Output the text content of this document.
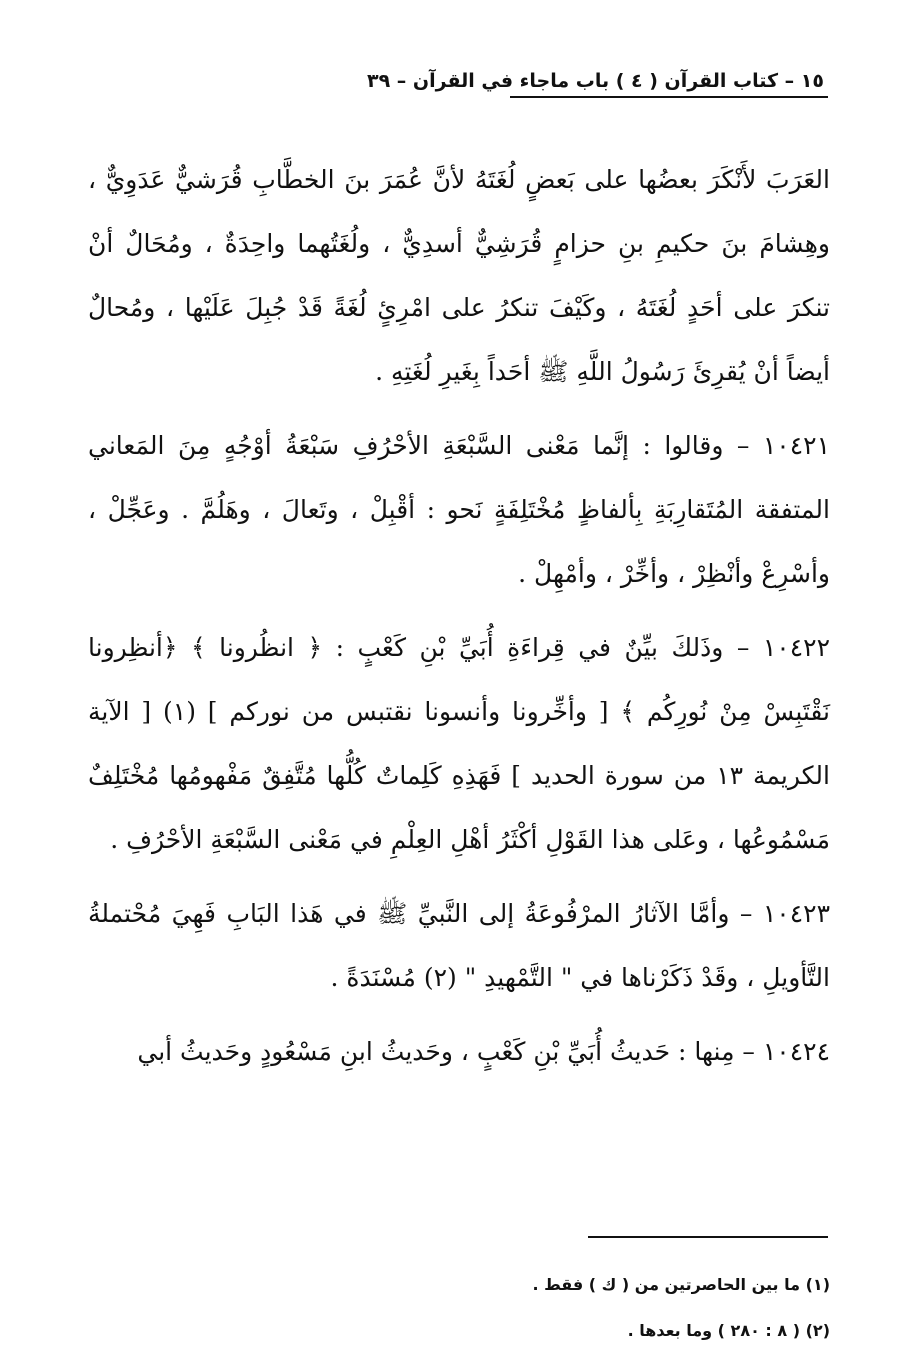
١٥ – كتاب القرآن ( ٤ ) باب ماجاء في القرآن – ٣٩

العَرَبَ لأَنْكَرَ بعضُها على بَعضٍ لُغَتَهُ لأنَّ عُمَرَ بنَ الخطَّابِ قُرَشيٌّ عَدَوِيٌّ ، وهِشامَ بنَ حكيمِ بنِ حزامٍ قُرَشِيٌّ أسدِيٌّ ، ولُغَتُهما واحِدَةٌ ، ومُحَالٌ أنْ تنكرَ على أحَدٍ لُغَتَهُ ، وكَيْفَ تنكرُ على امْرِئٍ لُغَةً قَدْ جُبِلَ عَلَيْها ، ومُحالٌ أيضاً أنْ يُقرِئَ رَسُولُ اللَّهِ ﷺ أحَداً بِغَيرِ لُغَتِهِ .

١٠٤٢١ – وقالوا : إنَّما مَعْنى السَّبْعَةِ الأحْرُفِ سَبْعَةُ أوْجُهٍ مِنَ المَعاني المتفقة المُتَقارِبَةِ بِألفاظٍ مُخْتَلِفَةٍ نَحو : أقْبِلْ ، وتَعالَ ، وهَلُمَّ . وعَجِّلْ ، وأسْرِعْ وأنْظِرْ ، وأخِّرْ ، وأمْهِلْ .

١٠٤٢٢ – وذَلكَ بيِّنٌ في قِراءَةِ أُبَيِّ بْنِ كَعْبٍ : ﴿ انظُرونا ﴾ ﴿أنظِرونا نَقْتَبِسْ مِنْ نُورِكُم ﴾ [ وأخِّرونا وأنسونا نقتبس من نوركم ] (١) [ الآية الكريمة ١٣ من سورة الحديد ] فَهَذِهِ كَلِماتٌ كُلُّها مُتَّفِقٌ مَفْهومُها مُخْتَلِفٌ مَسْمُوعُها ، وعَلى هذا القَوْلِ أكْثَرُ أهْلِ العِلْمِ في مَعْنى السَّبْعَةِ الأحْرُفِ .

١٠٤٢٣ – وأمَّا الآثارُ المرْفُوعَةُ إلى النَّبيِّ ﷺ في هَذا البَابِ فَهِيَ مُحْتملةُ التَّأويلِ ، وقَدْ ذَكَرْناها في " التَّمْهيدِ " (٢) مُسْنَدَةً .

١٠٤٢٤ – مِنها : حَديثُ أُبَيِّ بْنِ كَعْبٍ ، وحَديثُ ابنِ مَسْعُودٍ وحَديثُ أبي

(١) ما بين الحاصرتين من ( ك ) فقط .

(٢) ( ٨ : ٢٨٠ ) وما بعدها .
